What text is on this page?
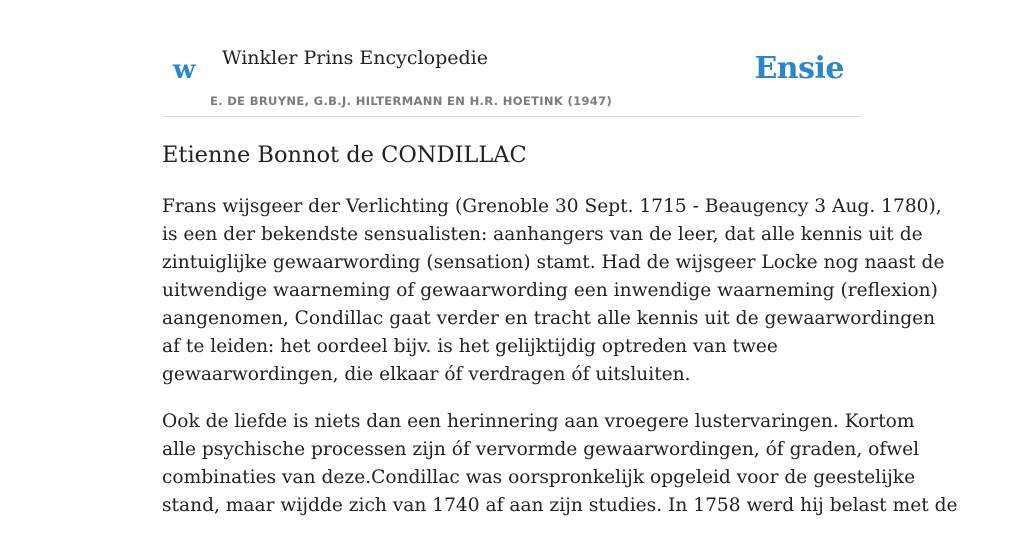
w Winkler Prins Encyclopedie
E. DE BRUYNE, G.B.J. HILTERMANN EN H.R. HOETINK (1947)
Ensie
Etienne Bonnot de CONDILLAC

Frans wijsgeer der Verlichting (Grenoble 30 Sept. 1715 - Beaugency 3 Aug. 1780),
is een der bekendste sensualisten: aanhangers van de leer, dat alle kennis uit de
zintuiglijke gewaarwording (sensation) stamt. Had de wijsgeer Locke nog naast de
uitwendige waarneming of gewaarwording een inwendige waarneming (reflexion)
aangenomen, Condillac gaat verder en tracht alle kennis uit de gewaarwordingen
af te leiden: het oordeel bijv. is het gelijktijdig optreden van twee
gewaarwordingen, die elkaar óf verdragen óf uitsluiten.

Ook de liefde is niets dan een herinnering aan vroegere lustervaringen. Kortom
alle psychische processen zijn óf vervormde gewaarwordingen, óf graden, ofwel
combinaties van deze.Condillac was oorspronkelijk opgeleid voor de geestelijke
stand, maar wijdde zich van 1740 af aan zijn studies. In 1758 werd hij belast met de
